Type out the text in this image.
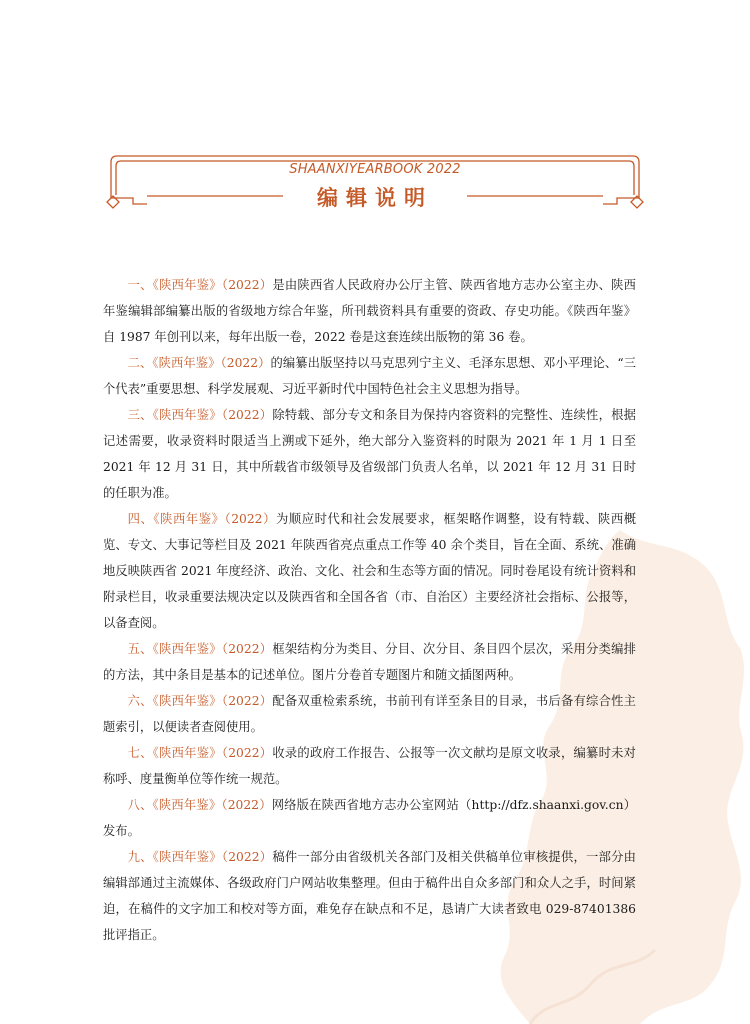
SHAANXIYEARBOOK 2022
编辑说明

一、《陕西年鉴》（2022）是由陕西省人民政府办公厅主管、陕西省地方志办公室主办、陕西年鉴编辑部编纂出版的省级地方综合年鉴，所刊载资料具有重要的资政、存史功能。《陕西年鉴》自 1987 年创刊以来，每年出版一卷，2022 卷是这套连续出版物的第 36 卷。

二、《陕西年鉴》（2022）的编纂出版坚持以马克思列宁主义、毛泽东思想、邓小平理论、“三个代表”重要思想、科学发展观、习近平新时代中国特色社会主义思想为指导。

三、《陕西年鉴》（2022）除特载、部分专文和条目为保持内容资料的完整性、连续性，根据记述需要，收录资料时限适当上溯或下延外，绝大部分入鉴资料的时限为 2021 年 1 月 1 日至 2021 年 12 月 31 日，其中所载省市级领导及省级部门负责人名单，以 2021 年 12 月 31 日时的任职为准。

四、《陕西年鉴》（2022）为顺应时代和社会发展要求，框架略作调整，设有特载、陕西概览、专文、大事记等栏目及 2021 年陕西省亮点重点工作等 40 余个类目，旨在全面、系统、准确地反映陕西省 2021 年度经济、政治、文化、社会和生态等方面的情况。同时卷尾设有统计资料和附录栏目，收录重要法规决定以及陕西省和全国各省（市、自治区）主要经济社会指标、公报等，以备查阅。

五、《陕西年鉴》（2022）框架结构分为类目、分目、次分目、条目四个层次，采用分类编排的方法，其中条目是基本的记述单位。图片分卷首专题图片和随文插图两种。

六、《陕西年鉴》（2022）配备双重检索系统，书前刊有详至条目的目录，书后备有综合性主题索引，以便读者查阅使用。

七、《陕西年鉴》（2022）收录的政府工作报告、公报等一次文献均是原文收录，编纂时未对称呼、度量衡单位等作统一规范。

八、《陕西年鉴》（2022）网络版在陕西省地方志办公室网站（http://dfz.shaanxi.gov.cn）发布。

九、《陕西年鉴》（2022）稿件一部分由省级机关各部门及相关供稿单位审核提供，一部分由编辑部通过主流媒体、各级政府门户网站收集整理。但由于稿件出自众多部门和众人之手，时间紧迫，在稿件的文字加工和校对等方面，难免存在缺点和不足，恳请广大读者致电 029-87401386 批评指正。
